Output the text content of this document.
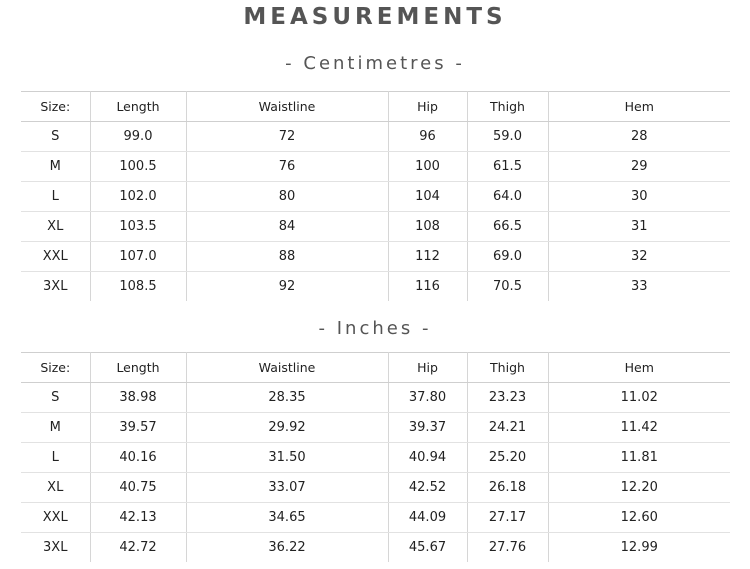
MEASUREMENTS
- Centimetres -
Size:	Length	Waistline	Hip	Thigh	Hem
S	99.0	72	96	59.0	28
M	100.5	76	100	61.5	29
L	102.0	80	104	64.0	30
XL	103.5	84	108	66.5	31
XXL	107.0	88	112	69.0	32
3XL	108.5	92	116	70.5	33
- Inches -
Size:	Length	Waistline	Hip	Thigh	Hem
S	38.98	28.35	37.80	23.23	11.02
M	39.57	29.92	39.37	24.21	11.42
L	40.16	31.50	40.94	25.20	11.81
XL	40.75	33.07	42.52	26.18	12.20
XXL	42.13	34.65	44.09	27.17	12.60
3XL	42.72	36.22	45.67	27.76	12.99
